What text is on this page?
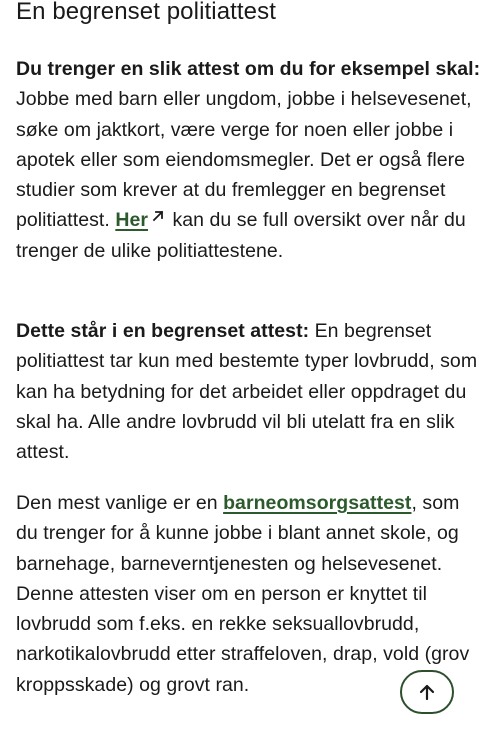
En begrenset politiattest

Du trenger en slik attest om du for eksempel skal: Jobbe med barn eller ungdom, jobbe i helsevesenet, søke om jaktkort, være verge for noen eller jobbe i apotek eller som eiendomsmegler. Det er også flere studier som krever at du fremlegger en begrenset politiattest. Her kan du se full oversikt over når du trenger de ulike politiattestene.

Dette står i en begrenset attest: En begrenset politiattest tar kun med bestemte typer lovbrudd, som kan ha betydning for det arbeidet eller oppdraget du skal ha. Alle andre lovbrudd vil bli utelatt fra en slik attest.

Den mest vanlige er en barneomsorgsattest, som du trenger for å kunne jobbe i blant annet skole, og barnehage, barneverntjenesten og helsevesenet. Denne attesten viser om en person er knyttet til lovbrudd som f.eks. en rekke seksuallovbrudd, narkotikalovbrudd etter straffeloven, drap, vold (grov kroppsskade) og grovt ran.
